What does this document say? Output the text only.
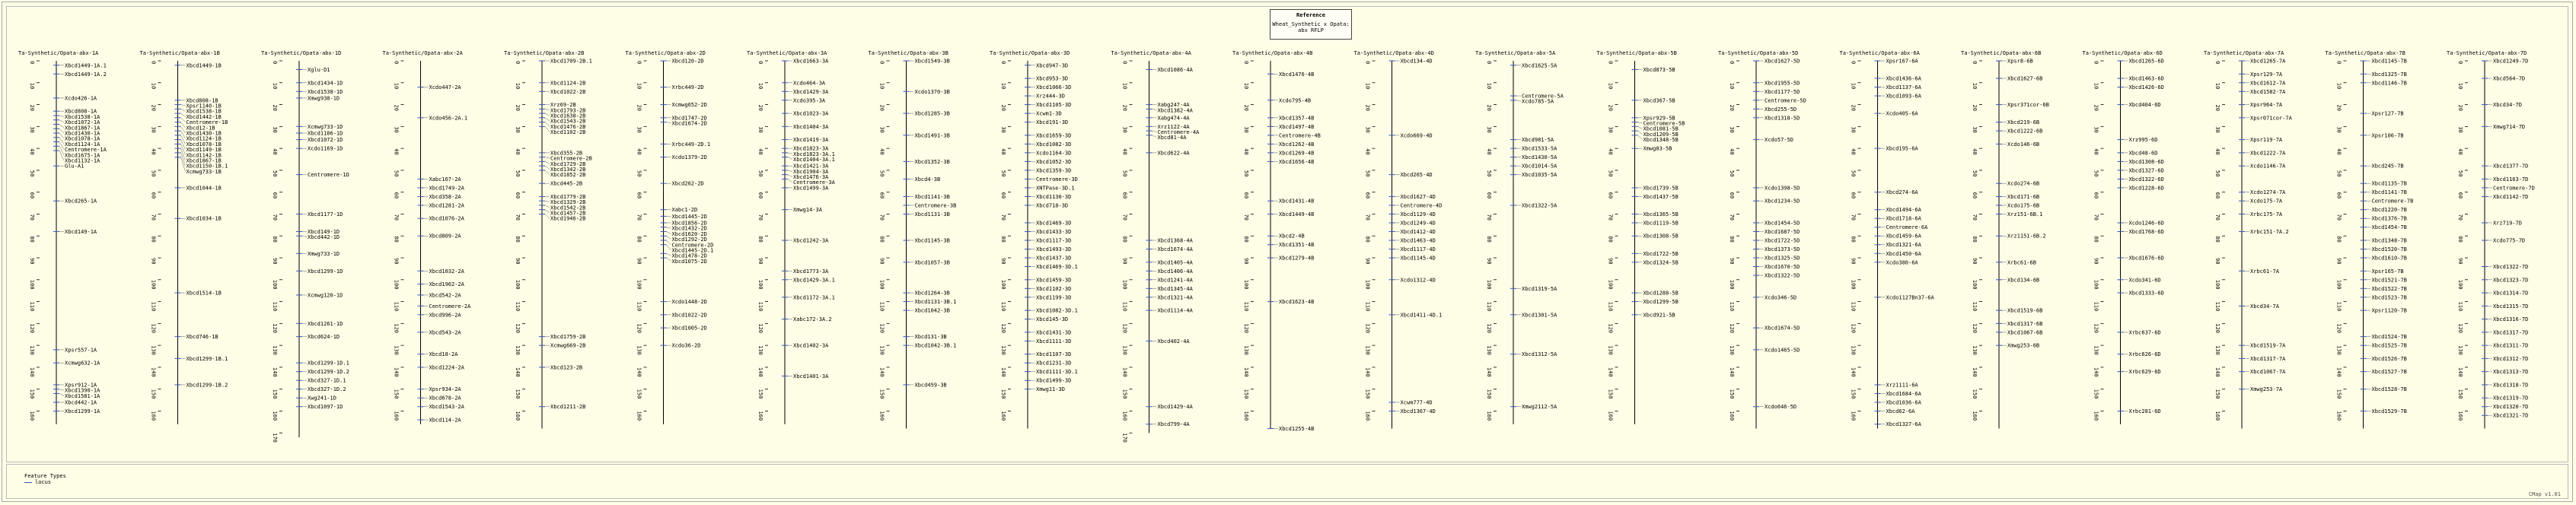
Ta-Synthetic/Opata-abx-1A
0
10
20
30
40
50
60
70
80
90
100
110
120
130
140
150
160
Xbcd1449-1A.1
Xbcd1449-1A.2
Xcdo426-1A
Xbcd808-1A
Xbcd1538-1A
Xbcd1072-1A
Xbcd1867-1A
Xbcd1430-1A
Xbcd1078-1A
Xbcd1124-1A
Centromere-1A
Xbcd1675-1A
Xbcd1132-1A
Glu-A1
Xbcd265-1A
Xbcd149-1A
Xpsr557-1A
Xcmwg632-1A
Xpsr912-1A
Xbcd1390-1A
Xbcd1581-1A
Xbcd442-1A
Xbcd1299-1A
Ta-Synthetic/Opata-abx-1B
0
10
20
30
40
50
60
70
80
90
100
110
120
130
140
150
160
Xbcd1449-1B
Xbcd808-1B
Xpsr1140-1B
Xbcd1538-1B
Xbcd1442-1B
Centromere-1B
Xbcd12-1B
Xbcd1430-1B
Xbcd1124-1B
Xbcd1078-1B
Xbcd1149-1B
Xbcd1142-1B
Xbcd1867-1B
Xbcd1150-1B.1
Xcmwg733-1B
Xbcd1044-1B
Xbcd1034-1B
Xbcd1514-1B
Xbcd746-1B
Xbcd1299-1B.1
Xbcd1299-1B.2
Ta-Synthetic/Opata-abx-1D
0
10
20
30
40
50
60
70
80
90
100
110
120
130
140
150
160
170
Xglu-D1
Xbcd1434-1D
Xbcd1538-1D
Xmwg938-1D
Xcmwg733-1D
Xbcd1186-1D
Xbcd1072-1D
Xcdo1169-1D
Centromere-1D
Xbcd1177-1D
Xbcd149-1D
Xbcd442-1D
Xmwg733-1D
Xbcd1299-1D
Xcmwg120-1D
Xbcd1261-1D
Xbcd624-1D
Xbcd1299-1D.1
Xbcd1299-1D.2
Xbcd327-1D.1
Xbcd327-1D.2
Xwg241-1D
Xbcd1097-1D
Ta-Synthetic/Opata-abx-2A
0
10
20
30
40
50
60
70
80
90
100
110
120
130
140
150
160
Xcdo447-2A
Xcdo456-2A.1
Xabc167-2A
Xbcd1749-2A
Xbcd358-2A
Xbcd1281-2A
Xbcd1076-2A
Xbcd809-2A
Xbcd1032-2A
Xbcd1902-2A
Xbcd542-2A
Centromere-2A
Xbcd996-2A
Xbcd543-2A
Xbcd18-2A
Xbcd1224-2A
Xpsr934-2A
Xbcd678-2A
Xbcd1543-2A
Xbcd114-2A
Ta-Synthetic/Opata-abx-2B
0
10
20
30
40
50
60
70
80
90
100
110
120
130
140
150
160
Xbcd1709-2B.1
Xbcd1124-2B
Xbcd1022-2B
Xrz69-2B
Xbcd1793-2B
Xbcd1638-2B
Xbcd1543-2B
Xbcd1476-2B
Xbcd1102-2B
Xbcd355-2B
Centromere-2B
Xbcd1729-2B
Xbcd1342-2B
Xbcd1852-2B
Xbcd445-2B
Xbcd1779-2B
Xbcd1329-2B
Xbcd1542-2B
Xbcd1457-2B
Xbcd1946-2B
Xbcd1759-2B
Xcmwg669-2B
Xbcd123-2B
Xbcd1211-2B
Ta-Synthetic/Opata-abx-2D
0
10
20
30
40
50
60
70
80
90
100
110
120
130
140
150
160
Xbcd120-2D
Xrbc449-2D
Xcmwg652-2D
Xbcd1747-2D
Xbcd1674-2D
Xrbc449-2D.1
Xcdo1379-2D
Xbcd262-2D
Xabc1-2D
Xbcd1445-2D
Xbcd1856-2D
Xbcd1432-2D
Xbcd1620-2D
Xbcd1292-2D
Centromere-2D
Xbcd1445-2D.1
Xbcd1478-2D
Xbcd1075-2D
Xcdo1448-2D
Xbcd1022-2D
Xbcd1005-2D
Xcdo36-2D
Ta-Synthetic/Opata-abx-3A
0
10
20
30
40
50
60
70
80
90
100
110
120
130
140
150
160
Xbcd1663-3A
Xcdo464-3A
Xbcd1429-3A
Xcdo395-3A
Xbcd1023-3A
Xbcd1404-3A
Xbcd1419-3A
Xbcd1823-3A
Xbcd1823-3A.1
Xbcd1404-3A.1
Xbcd1421-3A
Xbcd1904-3A
Xbcd1476-3A
Centromere-3A
Xbcd1499-3A
Xmwg14-3A
Xbcd1242-3A
Xbcd1773-3A
Xbcd1429-3A.1
Xbcd1172-3A.1
Xabc172-3A.2
Xbcd1402-3A
Xbcd1401-3A
Ta-Synthetic/Opata-abx-3B
0
10
20
30
40
50
60
70
80
90
100
110
120
130
140
150
160
Xbcd1549-3B
Xcdo1370-3B
Xbcd1285-3B
Xbcd1491-3B
Xbcd1352-3B
Xbcd4-3B
Xbcd1141-3B
Centromere-3B
Xbcd1131-3B
Xbcd1145-3B
Xbcd1057-3B
Xbcd1264-3B
Xbcd1131-3B.1
Xbcd1042-3B
Xbcd131-3B
Xbcd1042-3B.1
Xbcd459-3B
Ta-Synthetic/Opata-abx-3D
0
10
20
30
40
50
60
70
80
90
100
110
120
130
140
150
160
Xbcd947-3D
Xbcd953-3D
Xbcd1066-3D
Xrz444-3D
Xbcd1105-3D
Xcwm1-3D
Xbcd191-3D
Xbcd1659-3D
Xbcd1082-3D
Xcdo1164-3D
Xbcd1052-3D
Xbcd1359-3D
Centromere-3D
XNTPase-3D.1
Xbcd1130-3D
Xbcd718-3D
Xbcd1469-3D
Xbcd1433-3D
Xbcd1117-3D
Xbcd1493-3D
Xbcd1437-3D
Xbcd1469-3D.1
Xbcd1459-3D
Xbcd1102-3D
Xbcd1199-3D
Xbcd1082-3D.1
Xbcd145-3D
Xbcd1431-3D
Xbcd1111-3D
Xbcd1107-3D
Xbcd1231-3D
Xbcd1111-3D.1
Xbcd1499-3D
Xmwg11-3D
Ta-Synthetic/Opata-abx-4A
0
10
20
30
40
50
60
70
80
90
100
110
120
130
140
150
160
170
Xbcd1086-4A
Xabg247-4A
Xbcd1382-4A
Xabg474-4A
Xrz1122-4A
Centromere-4A
Xbcd81-4A
Xbcd622-4A
Xbcd1368-4A
Xbcd1674-4A
Xbcd1405-4A
Xbcd1406-4A
Xbcd1241-4A
Xbcd1345-4A
Xbcd1321-4A
Xbcd1114-4A
Xbcd402-4A
Xbcd1429-4A
Xbcd799-4A
Ta-Synthetic/Opata-abx-4B
0
10
20
30
40
50
60
70
80
90
100
110
120
130
140
150
160
Xbcd1476-4B
Xcdo795-4B
Xbcd1357-4B
Xbcd1497-4B
Centromere-4B
Xbcd1262-4B
Xbcd1269-4B
Xbcd1656-4B
Xbcd1431-4B
Xbcd1449-4B
Xbcd2-4B
Xbcd1351-4B
Xbcd1279-4B
Xbcd1623-4B
Xbcd1255-4B
Ta-Synthetic/Opata-abx-4D
0
10
20
30
40
50
60
70
80
90
100
110
120
130
140
150
160
Xbcd134-4D
Xcdo669-4D
Xbcd265-4D
Xbcd1627-4D
Centromere-4D
Xbcd1129-4D
Xbcd1249-4D
Xbcd1412-4D
Xbcd1463-4D
Xbcd1117-4D
Xbcd1145-4D
Xcdo1312-4D
Xbcd1411-4D.1
Xcwm777-4D
Xbcd1367-4D
Ta-Synthetic/Opata-abx-5A
0
10
20
30
40
50
60
70
80
90
100
110
120
130
140
150
160
Xbcd1625-5A
Centromere-5A
Xcdo785-5A
Xbcd981-5A
Xbcd1533-5A
Xbcd1430-5A
Xbcd1014-5A
Xbcd1035-5A
Xbcd1322-5A
Xbcd1319-5A
Xbcd1301-5A
Xbcd1312-5A
Xmwg2112-5A
Ta-Synthetic/Opata-abx-5B
0
10
20
30
40
50
60
70
80
90
100
110
120
130
140
150
160
Xbcd873-5B
Xbcd367-5B
Xpsr929-5B
Centromere-5B
Xbcd1081-5B
Xbcd1209-5B
Xbcd1348-5B
Xmwg83-5B
Xbcd1739-5B
Xbcd1437-5B
Xbcd1365-5B
Xbcd1119-5B
Xbcd1308-5B
Xbcd1722-5B
Xbcd1324-5B
Xbcd1288-5B
Xbcd1299-5B
Xbcd921-5B
Ta-Synthetic/Opata-abx-5D
0
10
20
30
40
50
60
70
80
90
100
110
120
130
140
150
160
Xbcd1627-5D
Xbcd1955-5D
Xbcd1177-5D
Centromere-5D
Xbcd255-5D
Xbcd1318-5D
Xcdo57-5D
Xcdo1398-5D
Xbcd1234-5D
Xbcd1454-5D
Xbcd1687-5D
Xbcd1722-5D
Xbcd1373-5D
Xbcd1325-5D
Xbcd1670-5D
Xbcd1322-5D
Xcdo346-5D
Xbcd1674-5D
Xcdo1465-5D
Xcdo646-5D
Ta-Synthetic/Opata-abx-6A
0
10
20
30
40
50
60
70
80
90
100
110
120
130
140
150
160
Xpsr167-6A
Xbcd1436-6A
Xbcd1137-6A
Xbcd1093-6A
Xcdo405-6A
Xbcd195-6A
Xbcd274-6A
Xbcd1494-6A
Xbcd1718-6A
Centromere-6A
Xbcd1459-6A
Xbcd1321-6A
Xbcd1450-6A
Xcdo380-6A
Xcdo1127Bn37-6A
Xrz1111-6A
Xbcd1684-6A
Xbcd1036-6A
Xbcd62-6A
Xbcd1327-6A
Ta-Synthetic/Opata-abx-6B
0
10
20
30
40
50
60
70
80
90
100
110
120
130
140
150
160
Xpsr8-6B
Xbcd1627-6B
Xpsr371cor-6B
Xbcd219-6B
Xbcd1222-6B
Xcdo146-6B
Xcdo274-6B
Xbcd171-6B
Xcdo175-6B
Xrz151-6B.1
Xrz1151-6B.2
Xrbc61-6B
Xbcd134-6B
Xbcd1519-6B
Xbcd1317-6B
Xbcd1067-6B
Xmwg253-6B
Ta-Synthetic/Opata-abx-6D
0
10
20
30
40
50
60
70
80
90
100
110
120
130
140
150
160
Xbcd1265-6D
Xbcd1463-6D
Xbcd1426-6D
Xbcd404-6D
Xrz995-6D
Xbcd48-6D
Xbcd1308-6D
Xbcd1327-6D
Xbcd1322-6D
Xbcd1228-6D
Xcdo1246-6D
Xbcd1768-6D
Xbcd1676-6D
Xcdo341-6D
Xbcd1333-6D
Xrbc637-6D
Xrbc626-6D
Xrbc629-6D
Xrbc281-6D
Ta-Synthetic/Opata-abx-7A
0
10
20
30
40
50
60
70
80
90
100
110
120
130
140
150
160
Xbcd1265-7A
Xpsr129-7A
Xbcd1612-7A
Xbcd1582-7A
Xpsr964-7A
Xpsr071cor-7A
Xpsr119-7A
Xbcd1222-7A
Xcdo1146-7A
Xcdo1274-7A
Xcdo175-7A
Xrbc175-7A
Xrbc151-7A.2
Xrbc61-7A
Xbcd34-7A
Xbcd1519-7A
Xbcd1317-7A
Xbcd1067-7A
Xmwg253-7A
Ta-Synthetic/Opata-abx-7B
0
10
20
30
40
50
60
70
80
90
100
110
120
130
140
150
160
Xbcd1145-7B
Xbcd1325-7B
Xbcd1146-7B
Xpsr127-7B
Xpsr106-7B
Xbcd245-7B
Xbcd1135-7B
Xbcd1141-7B
Centromere-7B
Xbcd1220-7B
Xbcd1376-7B
Xbcd1454-7B
Xbcd1348-7B
Xbcd1520-7B
Xbcd1610-7B
Xpsr165-7B
Xbcd1521-7B
Xbcd1522-7B
Xbcd1523-7B
Xpsr1120-7B
Xbcd1524-7B
Xbcd1525-7B
Xbcd1526-7B
Xbcd1527-7B
Xbcd1528-7B
Xbcd1529-7B
Ta-Synthetic/Opata-abx-7D
0
10
20
30
40
50
60
70
80
90
100
110
120
130
140
150
160
Xbcd1249-7D
Xbcd564-7D
Xbcd34-7D
Xmwg714-7D
Xbcd1377-7D
Xbcd1163-7D
Centromere-7D
Xbcd1142-7D
Xrz719-7D
Xcdo775-7D
Xbcd1322-7D
Xbcd1323-7D
Xbcd1314-7D
Xbcd1315-7D
Xbcd1316-7D
Xbcd1317-7D
Xbcd1311-7D
Xbcd1312-7D
Xbcd1313-7D
Xbcd1318-7D
Xbcd1319-7D
Xbcd1320-7D
Xbcd1321-7D
Reference
Wheat_Synthetic x Opata: abx RFLP
Feature Types
locus
CMap v1.01
